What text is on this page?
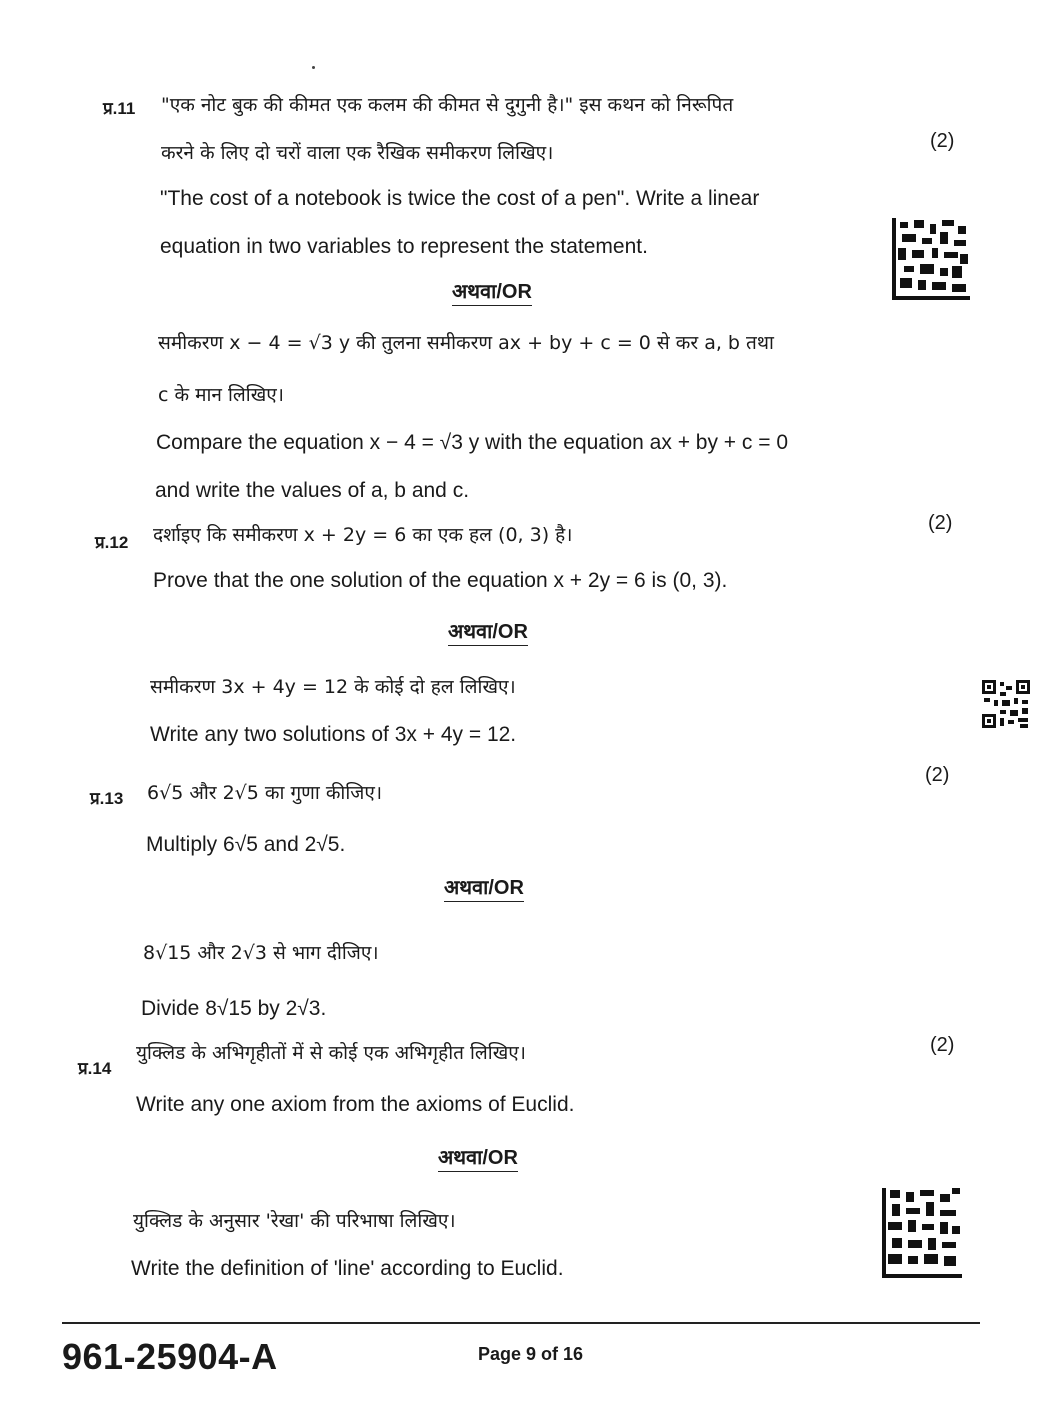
प्र.11 "एक नोट बुक की कीमत एक कलम की कीमत से दुगुनी है।" इस कथन को निरूपित
करने के लिए दो चरों वाला एक रैखिक समीकरण लिखिए।
(2)
"The cost of a notebook is twice the cost of a pen". Write a linear
equation in two variables to represent the statement.
अथवा/OR
समीकरण x − 4 = √3 y की तुलना समीकरण ax + by + c = 0 से कर a, b तथा
c के मान लिखिए।
Compare the equation x − 4 = √3 y with the equation ax + by + c = 0
and write the values of a, b and c.
प्र.12 दर्शाइए कि समीकरण x + 2y = 6 का एक हल (0, 3) है।
(2)
Prove that the one solution of the equation x + 2y = 6 is (0, 3).
अथवा/OR
समीकरण 3x + 4y = 12 के कोई दो हल लिखिए।
Write any two solutions of 3x + 4y = 12.
प्र.13 6√5 और 2√5 का गुणा कीजिए।
(2)
Multiply 6√5 and 2√5.
अथवा/OR
8√15 और 2√3 से भाग दीजिए।
Divide 8√15 by 2√3.
प्र.14
युक्लिड के अभिगृहीतों में से कोई एक अभिगृहीत लिखिए।	(2)
Write any one axiom from the axioms of Euclid.
अथवा/OR
युक्लिड के अनुसार 'रेखा' की परिभाषा लिखिए।
Write the definition of 'line' according to Euclid.
961-25904-A	Page 9 of 16
